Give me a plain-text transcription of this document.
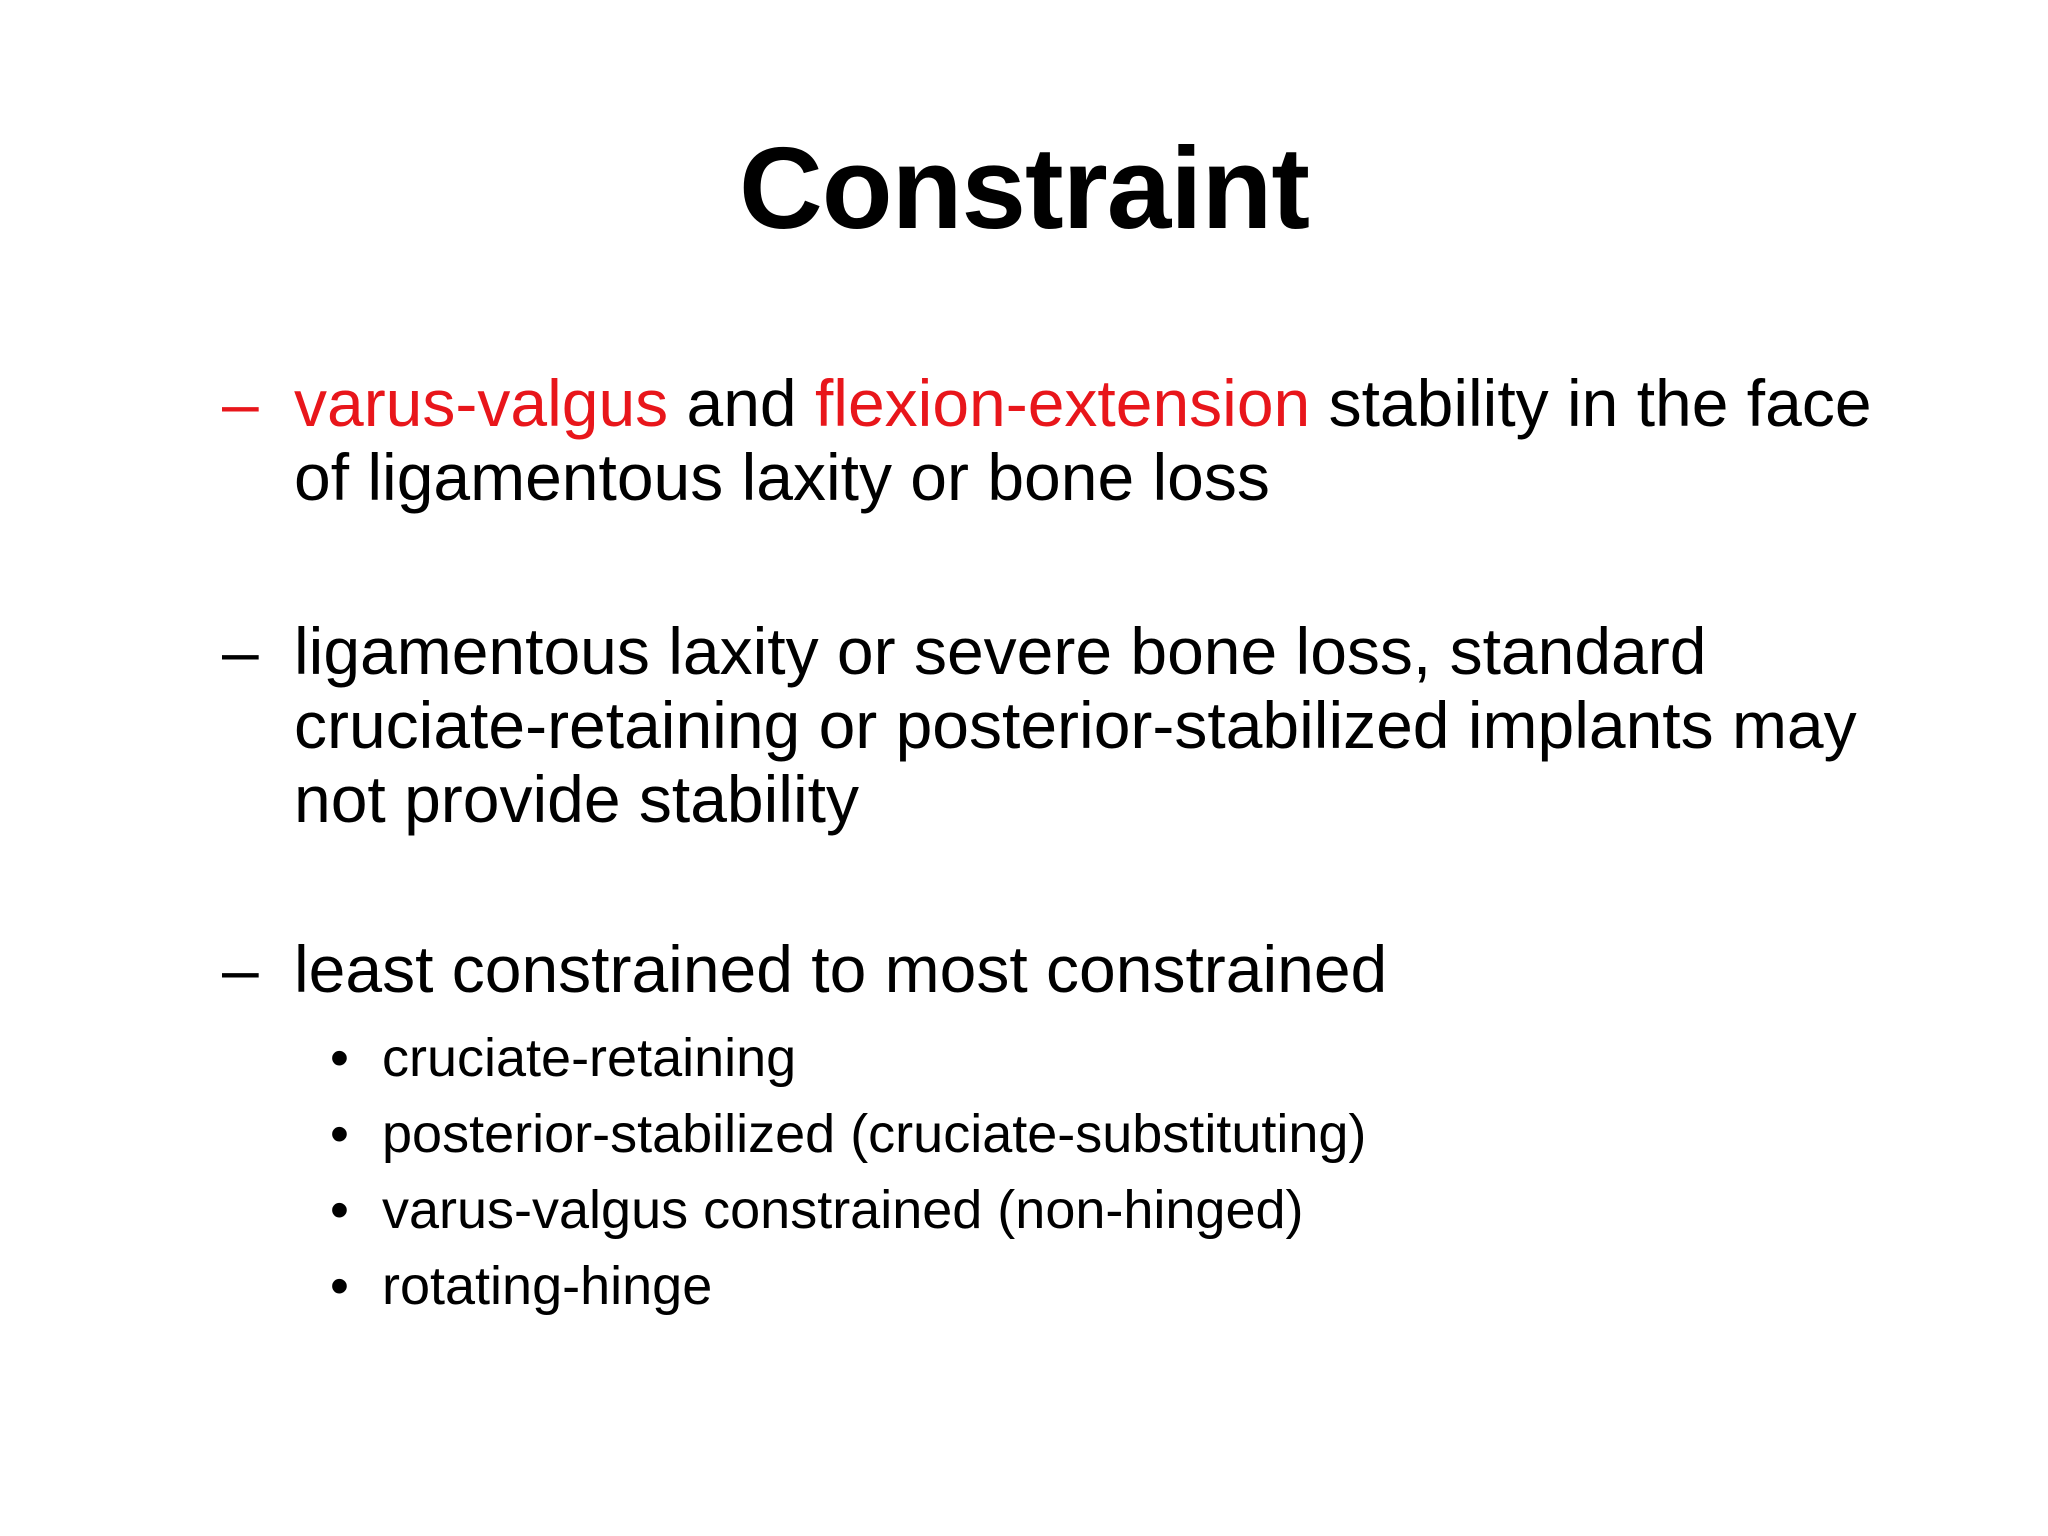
Constraint
– varus-valgus and flexion-extension stability in the face of ligamentous laxity or bone loss
– ligamentous laxity or severe bone loss, standard cruciate-retaining or posterior-stabilized implants may not provide stability
– least constrained to most constrained
• cruciate-retaining
• posterior-stabilized (cruciate-substituting)
• varus-valgus constrained (non-hinged)
• rotating-hinge
